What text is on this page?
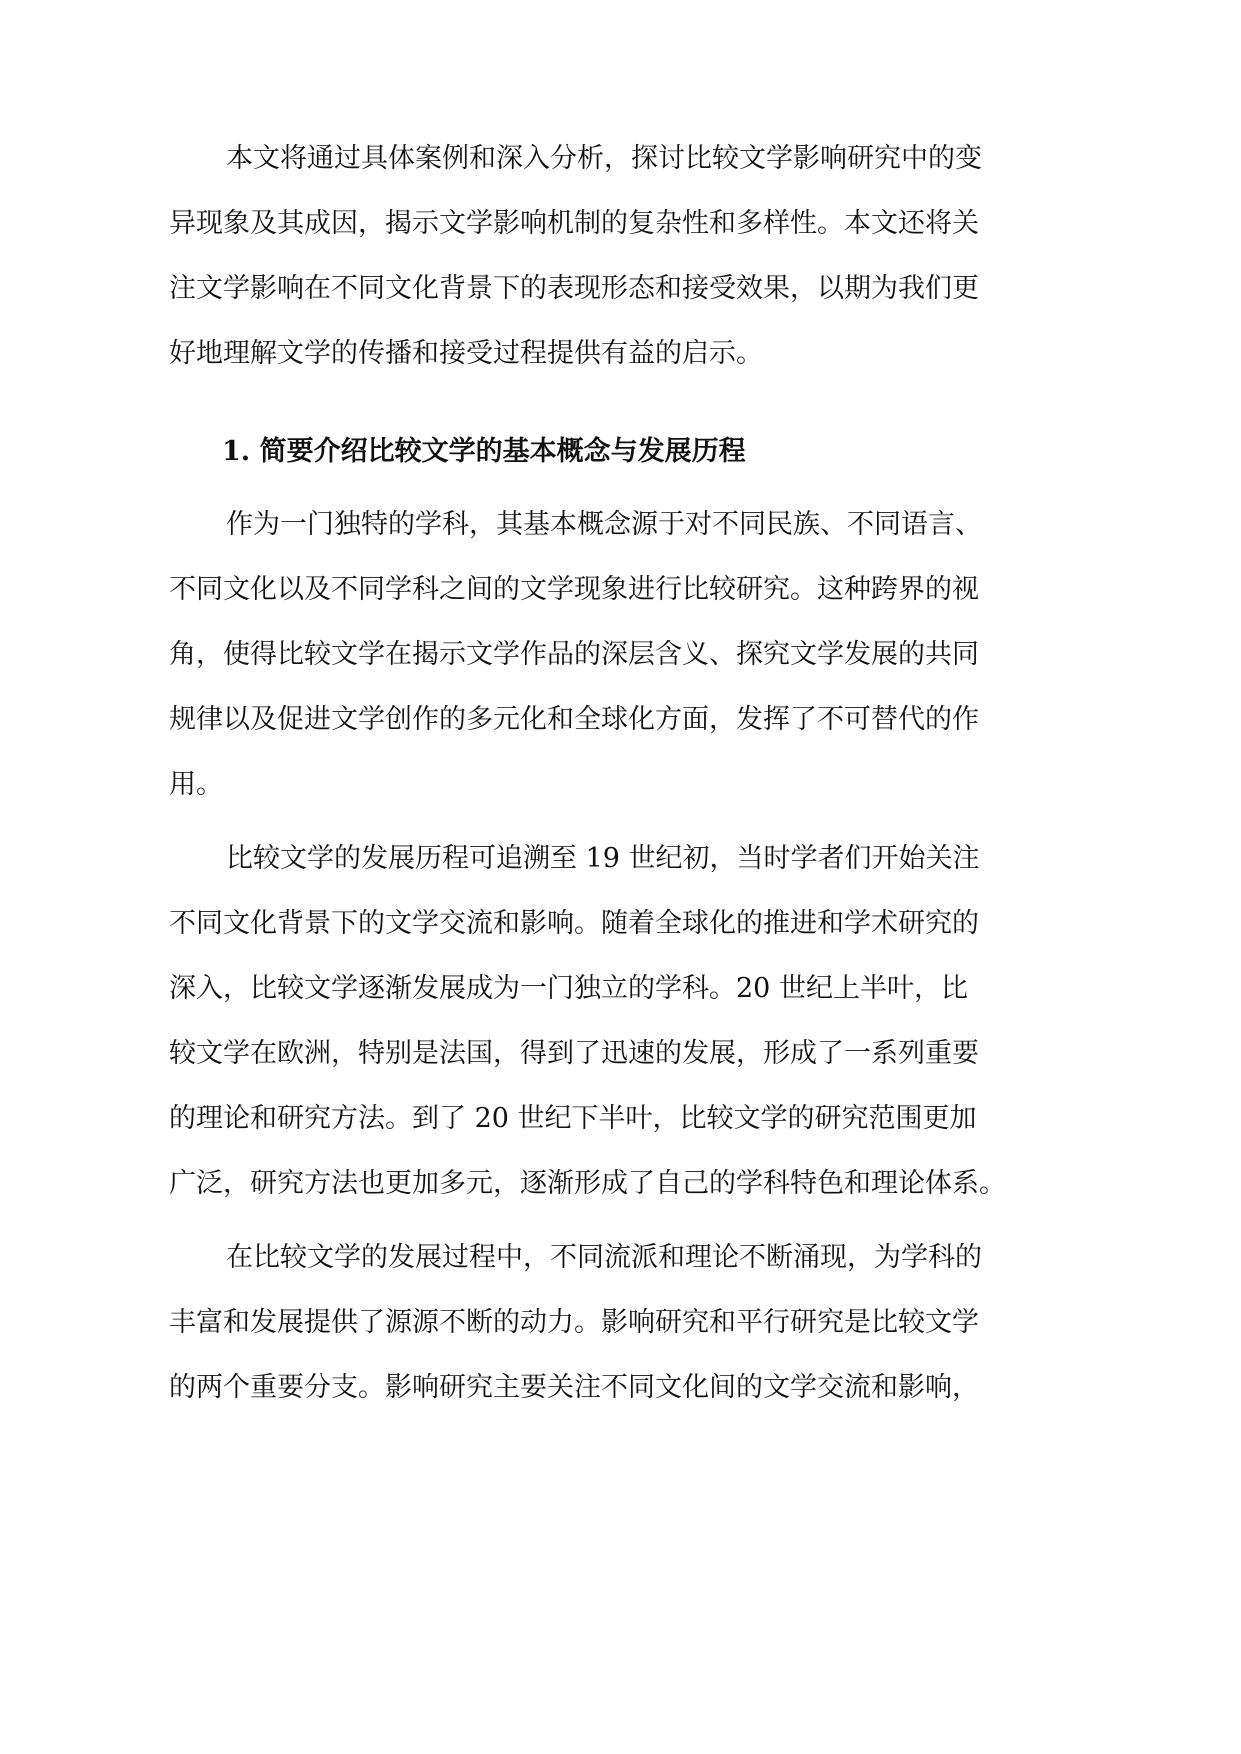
本文将通过具体案例和深入分析，探讨比较文学影响研究中的变
异现象及其成因，揭示文学影响机制的复杂性和多样性。本文还将关
注文学影响在不同文化背景下的表现形态和接受效果，以期为我们更
好地理解文学的传播和接受过程提供有益的启示。
1. 简要介绍比较文学的基本概念与发展历程
作为一门独特的学科，其基本概念源于对不同民族、不同语言、
不同文化以及不同学科之间的文学现象进行比较研究。这种跨界的视
角，使得比较文学在揭示文学作品的深层含义、探究文学发展的共同
规律以及促进文学创作的多元化和全球化方面，发挥了不可替代的作
用。
比较文学的发展历程可追溯至 19 世纪初，当时学者们开始关注
不同文化背景下的文学交流和影响。随着全球化的推进和学术研究的
深入，比较文学逐渐发展成为一门独立的学科。20 世纪上半叶，比
较文学在欧洲，特别是法国，得到了迅速的发展，形成了一系列重要
的理论和研究方法。到了 20 世纪下半叶，比较文学的研究范围更加
广泛，研究方法也更加多元，逐渐形成了自己的学科特色和理论体系。
在比较文学的发展过程中，不同流派和理论不断涌现，为学科的
丰富和发展提供了源源不断的动力。影响研究和平行研究是比较文学
的两个重要分支。影响研究主要关注不同文化间的文学交流和影响，
